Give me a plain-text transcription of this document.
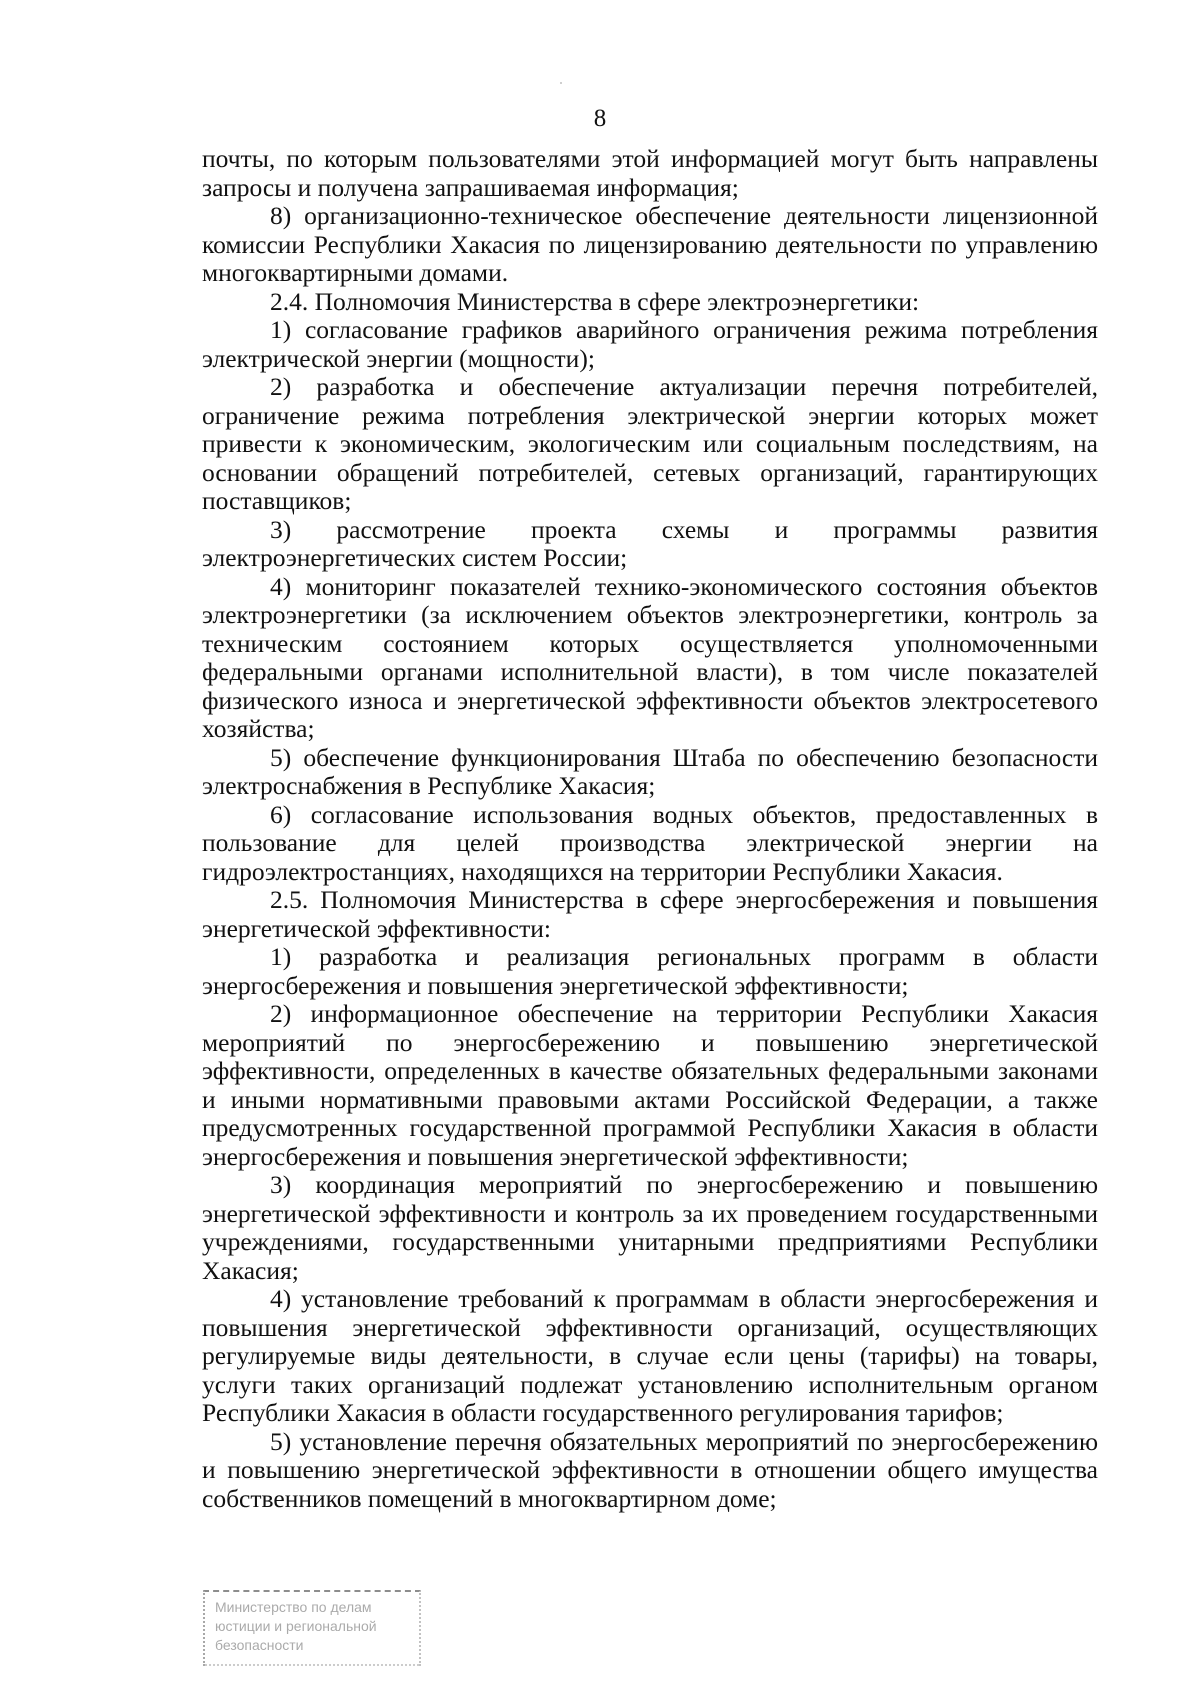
8

почты, по которым пользователями этой информацией могут быть направлены запросы и получена запрашиваемая информация;

8) организационно-техническое обеспечение деятельности лицензионной комиссии Республики Хакасия по лицензированию деятельности по управлению многоквартирными домами.

2.4. Полномочия Министерства в сфере электроэнергетики:

1) согласование графиков аварийного ограничения режима потребления электрической энергии (мощности);

2) разработка и обеспечение актуализации перечня потребителей, ограничение режима потребления электрической энергии которых может привести к экономическим, экологическим или социальным последствиям, на основании обращений потребителей, сетевых организаций, гарантирующих поставщиков;

3) рассмотрение проекта схемы и программы развития электроэнергетических систем России;

4) мониторинг показателей технико-экономического состояния объектов электроэнергетики (за исключением объектов электроэнергетики, контроль за техническим состоянием которых осуществляется уполномоченными федеральными органами исполнительной власти), в том числе показателей физического износа и энергетической эффективности объектов электросетевого хозяйства;

5) обеспечение функционирования Штаба по обеспечению безопасности электроснабжения в Республике Хакасия;

6) согласование использования водных объектов, предоставленных в пользование для целей производства электрической энергии на гидроэлектростанциях, находящихся на территории Республики Хакасия.

2.5. Полномочия Министерства в сфере энергосбережения и повышения энергетической эффективности:

1) разработка и реализация региональных программ в области энергосбережения и повышения энергетической эффективности;

2) информационное обеспечение на территории Республики Хакасия мероприятий по энергосбережению и повышению энергетической эффективности, определенных в качестве обязательных федеральными законами и иными нормативными правовыми актами Российской Федерации, а также предусмотренных государственной программой Республики Хакасия в области энергосбережения и повышения энергетической эффективности;

3) координация мероприятий по энергосбережению и повышению энергетической эффективности и контроль за их проведением государственными учреждениями, государственными унитарными предприятиями Республики Хакасия;

4) установление требований к программам в области энергосбережения и повышения энергетической эффективности организаций, осуществляющих регулируемые виды деятельности, в случае если цены (тарифы) на товары, услуги таких организаций подлежат установлению исполнительным органом Республики Хакасия в области государственного регулирования тарифов;

5) установление перечня обязательных мероприятий по энергосбережению и повышению энергетической эффективности в отношении общего имущества собственников помещений в многоквартирном доме;

Министерство по делам
юстиции и региональной
безопасности
